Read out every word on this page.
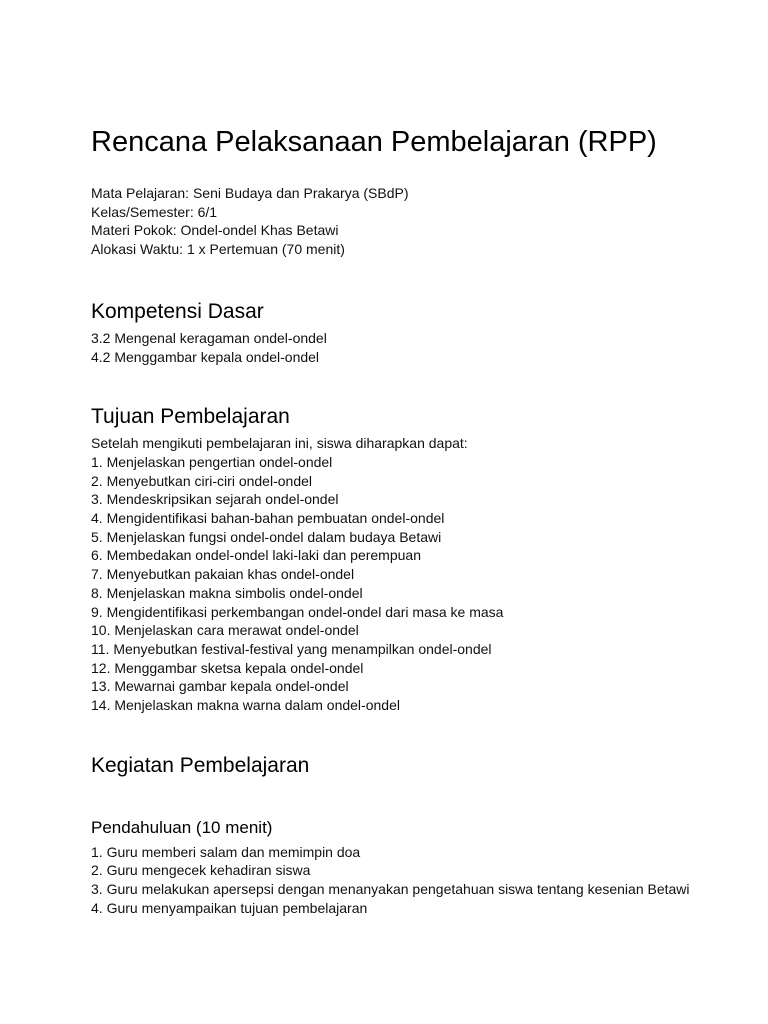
Rencana Pelaksanaan Pembelajaran (RPP)
Mata Pelajaran: Seni Budaya dan Prakarya (SBdP)
Kelas/Semester: 6/1
Materi Pokok: Ondel-ondel Khas Betawi
Alokasi Waktu: 1 x Pertemuan (70 menit)
Kompetensi Dasar
3.2 Mengenal keragaman ondel-ondel
4.2 Menggambar kepala ondel-ondel
Tujuan Pembelajaran
Setelah mengikuti pembelajaran ini, siswa diharapkan dapat:
1. Menjelaskan pengertian ondel-ondel
2. Menyebutkan ciri-ciri ondel-ondel
3. Mendeskripsikan sejarah ondel-ondel
4. Mengidentifikasi bahan-bahan pembuatan ondel-ondel
5. Menjelaskan fungsi ondel-ondel dalam budaya Betawi
6. Membedakan ondel-ondel laki-laki dan perempuan
7. Menyebutkan pakaian khas ondel-ondel
8. Menjelaskan makna simbolis ondel-ondel
9. Mengidentifikasi perkembangan ondel-ondel dari masa ke masa
10. Menjelaskan cara merawat ondel-ondel
11. Menyebutkan festival-festival yang menampilkan ondel-ondel
12. Menggambar sketsa kepala ondel-ondel
13. Mewarnai gambar kepala ondel-ondel
14. Menjelaskan makna warna dalam ondel-ondel
Kegiatan Pembelajaran
Pendahuluan (10 menit)
1. Guru memberi salam dan memimpin doa
2. Guru mengecek kehadiran siswa
3. Guru melakukan apersepsi dengan menanyakan pengetahuan siswa tentang kesenian Betawi
4. Guru menyampaikan tujuan pembelajaran
